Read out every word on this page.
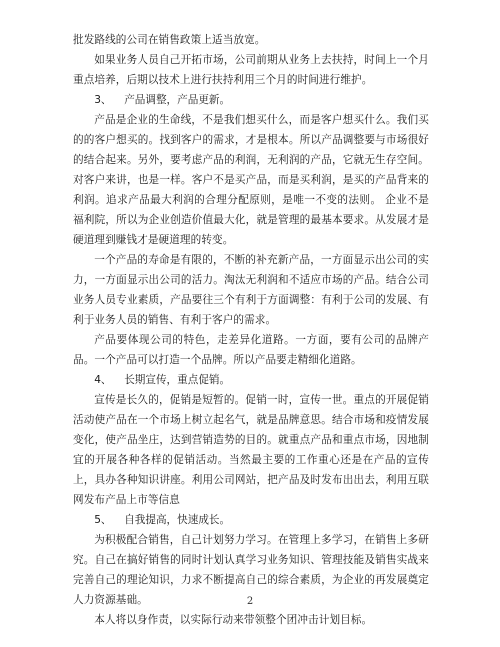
批发路线的公司在销售政策上适当放宽。

如果业务人员自己开拓市场，公司前期从业务上去扶持，时间上一个月重点培养，后期以技术上进行扶持利用三个月的时间进行维护。

3、 产品调整，产品更新。

产品是企业的生命线，不是我们想买什么，而是客户想买什么。我们买的的客户想买的。找到客户的需求，才是根本。所以产品调整要与市场很好的结合起来。另外，要考虑产品的利润，无利润的产品，它就无生存空间。对客户来讲，也是一样。客户不是买产品，而是买利润，是买的产品背来的利润。追求产品最大利润的合理分配原则，是唯一不变的法则。 企业不是福利院，所以为企业创造价值最大化，就是管理的最基本要求。从发展才是硬道理到赚钱才是硬道理的转变。

一个产品的寿命是有限的，不断的补充新产品，一方面显示出公司的实力，一方面显示出公司的活力。淘汰无利润和不适应市场的产品。结合公司业务人员专业素质，产品要往三个有利于方面调整：有利于公司的发展、有利于业务人员的销售、有利于客户的需求。

产品要体现公司的特色，走差异化道路。一方面，要有公司的品牌产品。一个产品可以打造一个品牌。所以产品要走精细化道路。

4、 长期宣传，重点促销。

宣传是长久的，促销是短暂的。促销一时，宣传一世。重点的开展促销活动使产品在一个市场上树立起名气，就是品牌意思。结合市场和疫情发展变化，使产品坐庄，达到营销造势的目的。就重点产品和重点市场，因地制宜的开展各种各样的促销活动。当然最主要的工作重心还是在产品的宣传上，具办各种知识讲座。利用公司网站，把产品及时发布出出去，利用互联网发布产品上市等信息

5、 自我提高，快速成长。

为积极配合销售，自己计划努力学习。在管理上多学习，在销售上多研究。自己在搞好销售的同时计划认真学习业务知识、管理技能及销售实战来完善自己的理论知识，力求不断提高自己的综合素质，为企业的再发展奠定人力资源基础。

本人将以身作责，以实际行动来带领整个团冲击计划目标。

2
